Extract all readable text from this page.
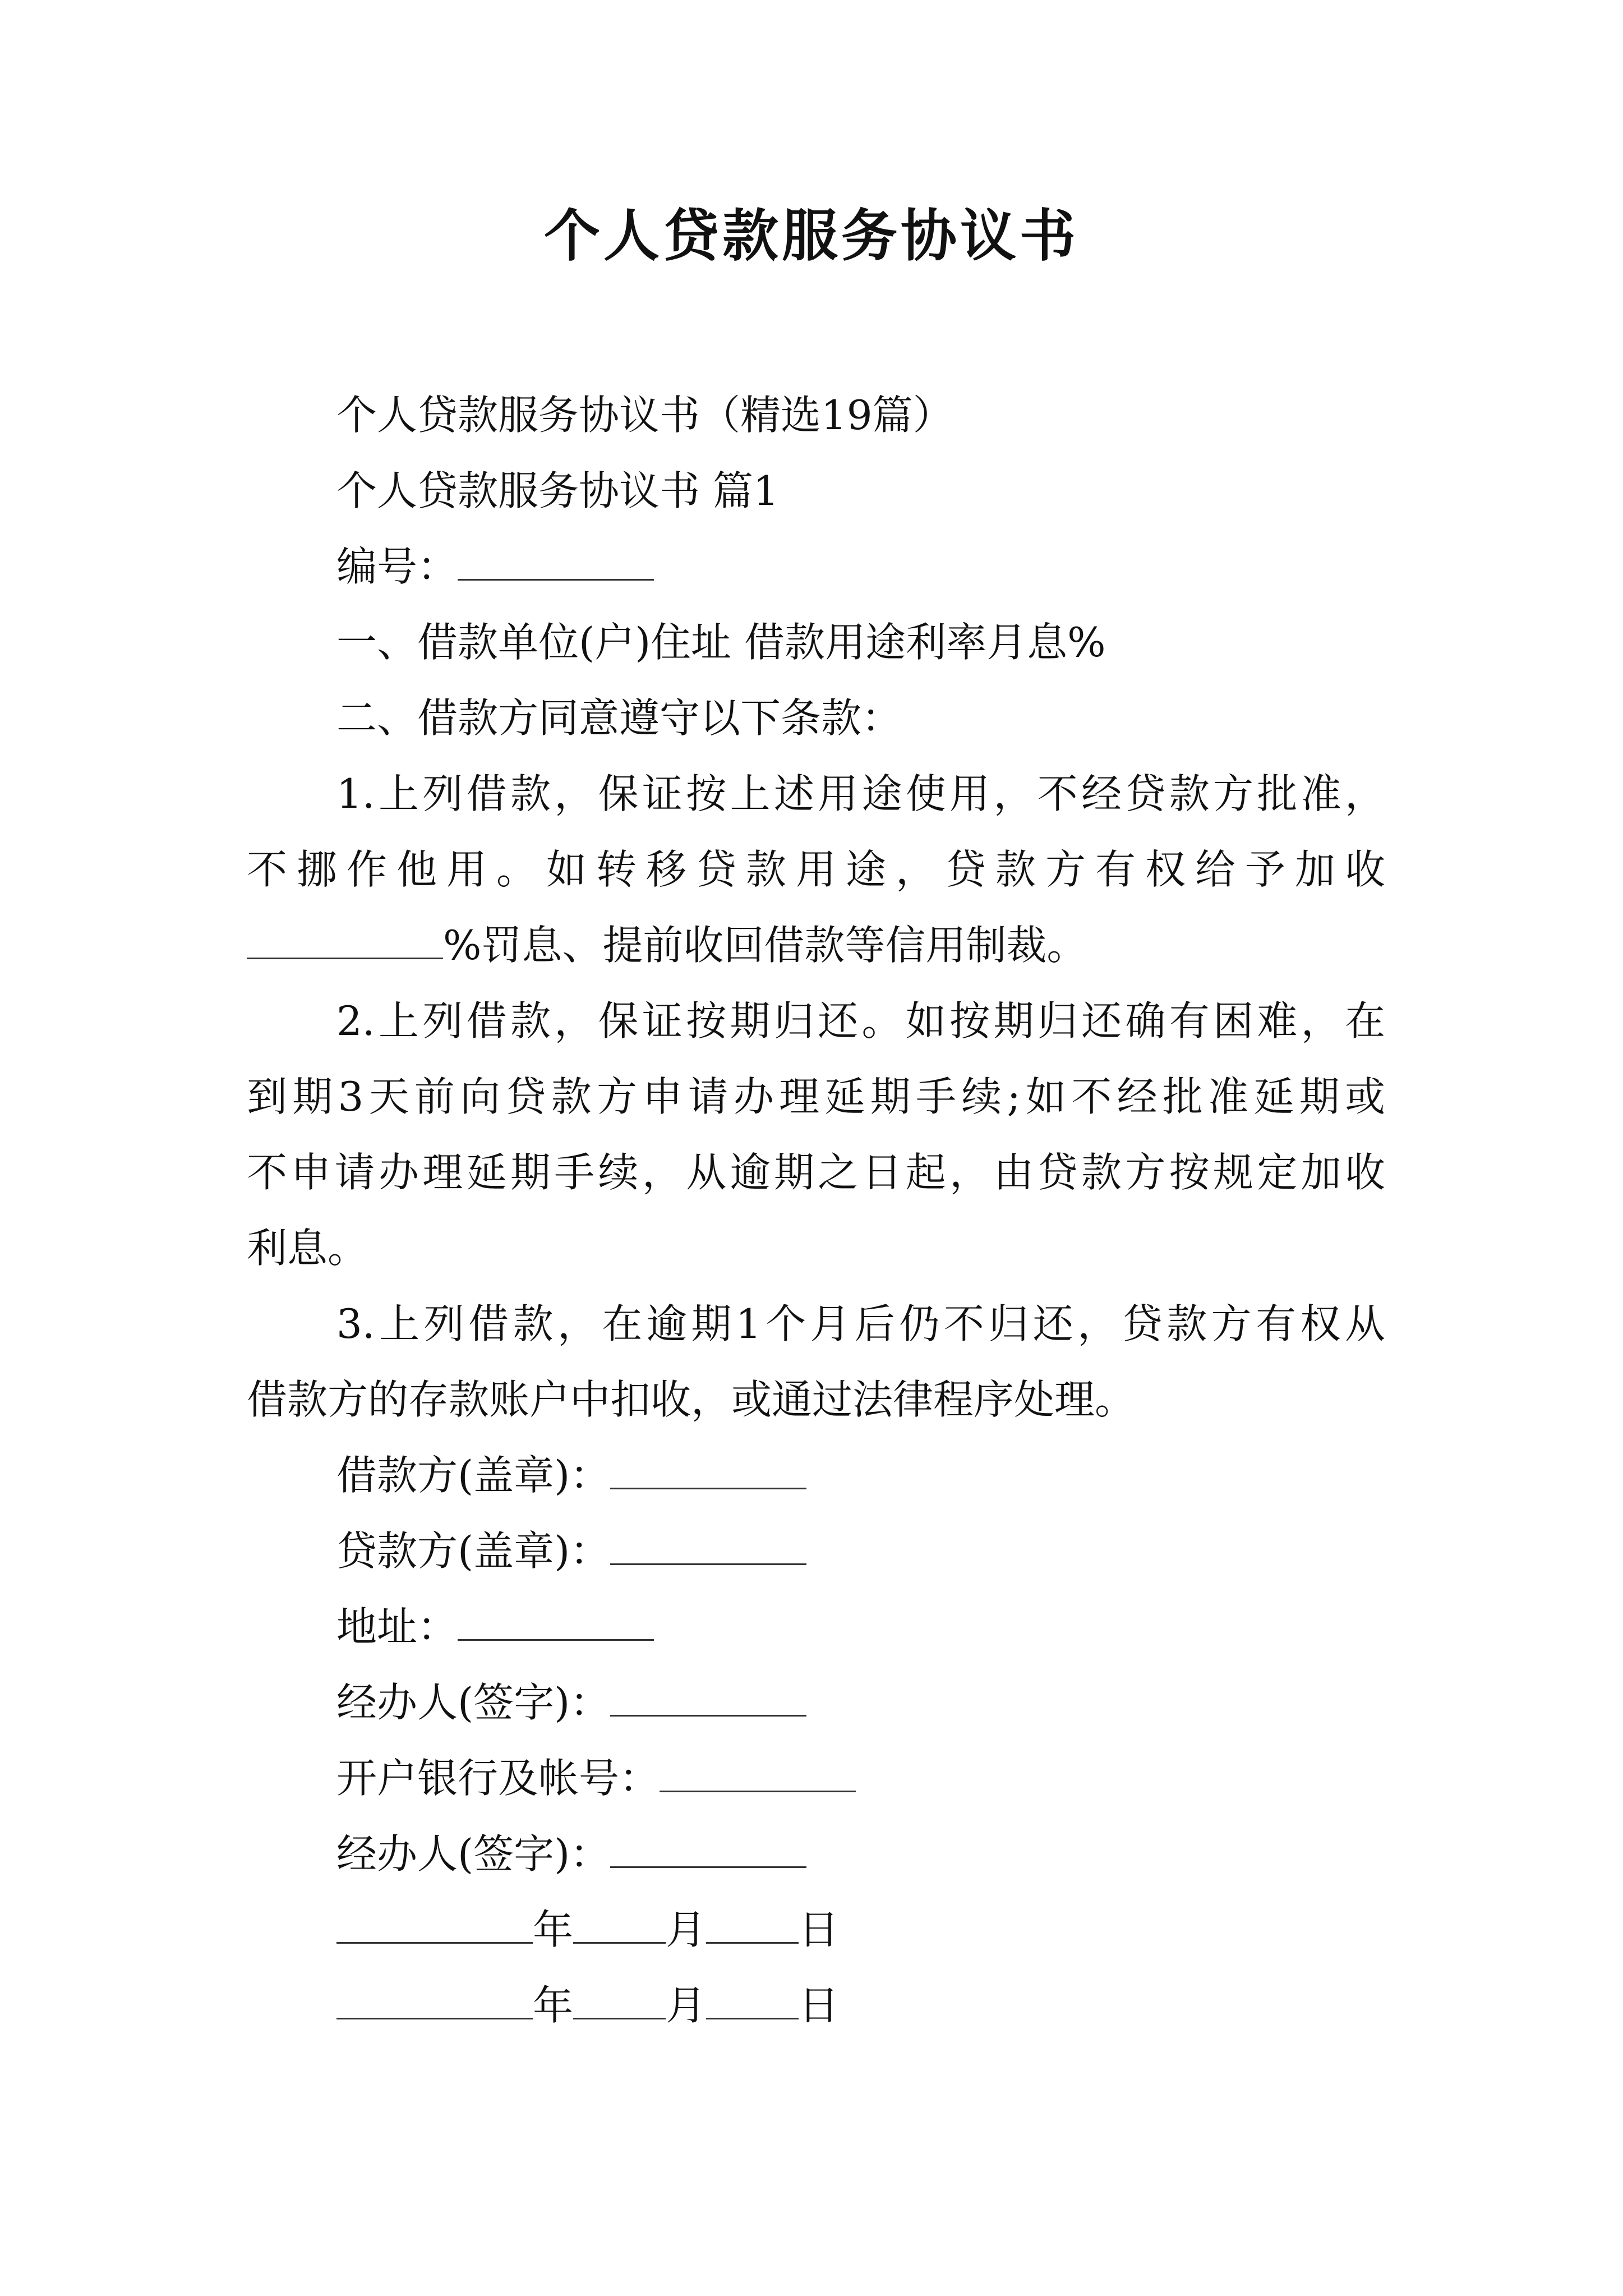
个人贷款服务协议书
个人贷款服务协议书（精选19篇）
个人贷款服务协议书 篇1
编号：
一、借款单位(户)住址 借款用途利率月息%
二、借款方同意遵守以下条款：
1.上列借款，保证按上述用途使用，不经贷款方批准，
不挪作他用。如转移贷款用途，贷款方有权给予加收
%罚息、提前收回借款等信用制裁。
2.上列借款，保证按期归还。如按期归还确有困难，在
到期3天前向贷款方申请办理延期手续;如不经批准延期或
不申请办理延期手续，从逾期之日起，由贷款方按规定加收
利息。
3.上列借款，在逾期1个月后仍不归还，贷款方有权从
借款方的存款账户中扣收，或通过法律程序处理。
借款方(盖章)：
贷款方(盖章)：
地址：
经办人(签字)：
开户银行及帐号：
经办人(签字)：
年 月 日
年 月 日
